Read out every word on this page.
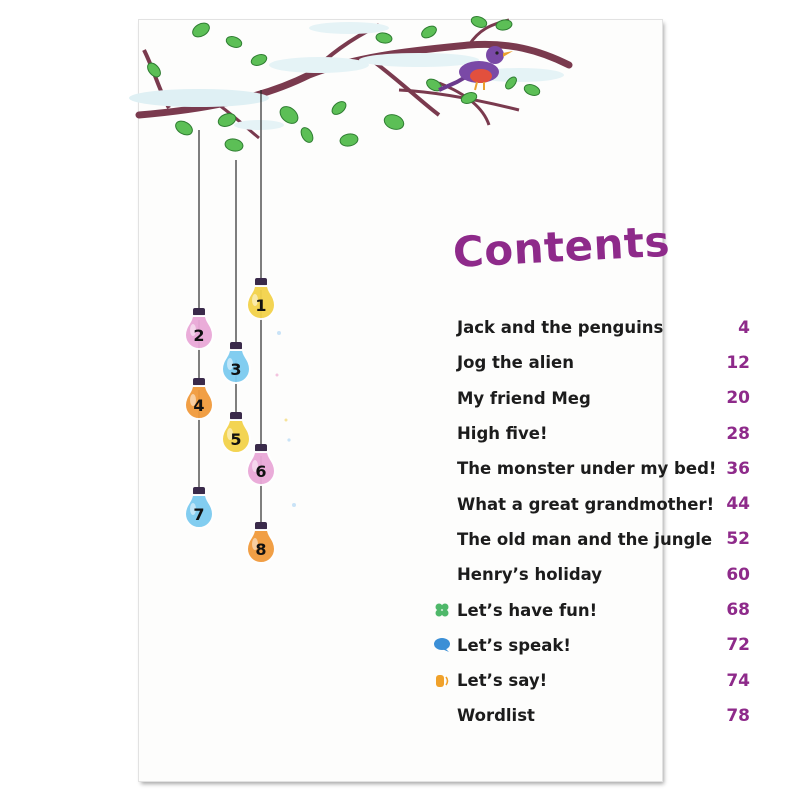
1
2
3
4
5
6
7
8
Contents
Jack and the penguins	4
Jog the alien	12
My friend Meg	20
High five!	28
The monster under my bed! 36
What a great grandmother! 44
The old man and the jungle 52
Henry’s holiday	60
Let’s have fun!	68
Let’s speak!	72
Let’s say!	74
Wordlist	78
